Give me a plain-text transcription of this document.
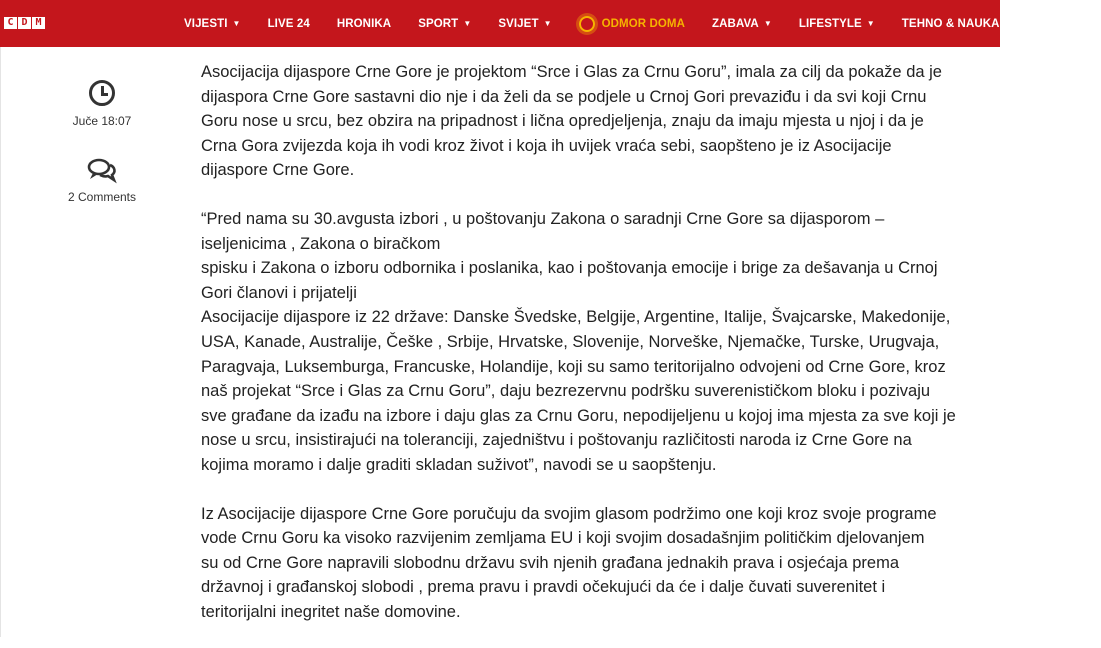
C D M	VIJESTI ▼ LIVE 24 HRONIKA SPORT ▼ SVIJET ▼	ODMOR DOMA ZABAVA ▼ LIFESTYLE ▼ TEHNO & NAUKA ▼ GRAD
Juče 18:07
2 Comments

Asocijacija dijaspore Crne Gore je projektom “Srce i Glas za Crnu Goru”, imala za cilj da pokaže da je
dijaspora Crne Gore sastavni dio nje i da želi da se podjele u Crnoj Gori prevaziđu i da svi koji Crnu
Goru nose u srcu, bez obzira na pripadnost i lična opredjeljenja, znaju da imaju mjesta u njoj i da je
Crna Gora zvijezda koja ih vodi kroz život i koja ih uvijek vraća sebi, saopšteno je iz Asocijacije
dijaspore Crne Gore.

“Pred nama su 30.avgusta izbori , u poštovanju Zakona o saradnji Crne Gore sa dijasporom –
iseljenicima , Zakona o biračkom
spisku i Zakona o izboru odbornika i poslanika, kao i poštovanja emocije i brige za dešavanja u Crnoj
Gori članovi i prijatelji
Asocijacije dijaspore iz 22 države: Danske Švedske, Belgije, Argentine, Italije, Švajcarske, Makedonije,
USA, Kanade, Australije, Češke , Srbije, Hrvatske, Slovenije, Norveške, Njemačke, Turske, Urugvaja,
Paragvaja, Luksemburga, Francuske, Holandije, koji su samo teritorijalno odvojeni od Crne Gore, kroz
naš projekat “Srce i Glas za Crnu Goru”, daju bezrezervnu podršku suverenističkom bloku i pozivaju
sve građane da izađu na izbore i daju glas za Crnu Goru, nepodijeljenu u kojoj ima mjesta za sve koji je
nose u srcu, insistirajući na toleranciji, zajedništvu i poštovanju različitosti naroda iz Crne Gore na
kojima moramo i dalje graditi skladan suživot”, navodi se u saopštenju.

Iz Asocijacije dijaspore Crne Gore poručuju da svojim glasom podržimo one koji kroz svoje programe
vode Crnu Goru ka visoko razvijenim zemljama EU i koji svojim dosadašnjim političkim djelovanjem
su od Crne Gore napravili slobodnu državu svih njenih građana jednakih prava i osjećaja prema
državnoj i građanskoj slobodi , prema pravu i pravdi očekujući da će i dalje čuvati suverenitet i
teritorijalni inegritet naše domovine.
